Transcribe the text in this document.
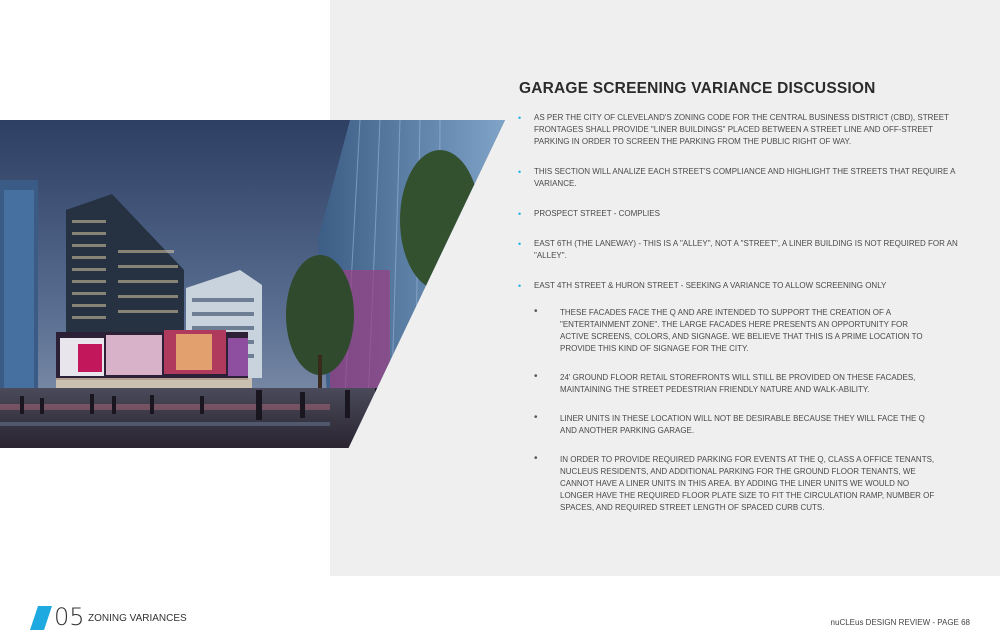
GARAGE SCREENING VARIANCE DISCUSSION
• AS PER THE CITY OF CLEVELAND'S ZONING CODE FOR THE CENTRAL BUSINESS DISTRICT (CBD), STREET FRONTAGES SHALL PROVIDE "LINER BUILDINGS" PLACED BETWEEN A STREET LINE AND OFF-STREET PARKING IN ORDER TO SCREEN THE PARKING FROM THE PUBLIC RIGHT OF WAY.
• THIS SECTION WILL ANALIZE EACH STREET'S COMPLIANCE AND HIGHLIGHT THE STREETS THAT REQUIRE A VARIANCE.
• PROSPECT STREET - COMPLIES
• EAST 6TH (THE LANEWAY) - THIS IS A "ALLEY", NOT A "STREET", A LINER BUILDING IS NOT REQUIRED FOR AN "ALLEY".
• EAST 4TH STREET & HURON STREET - SEEKING A VARIANCE TO ALLOW SCREENING ONLY
•	THESE FACADES FACE THE Q AND ARE INTENDED TO SUPPORT THE CREATION OF A "ENTERTAINMENT ZONE". THE LARGE FACADES HERE PRESENTS AN OPPORTUNITY FOR ACTIVE SCREENS, COLORS, AND SIGNAGE. WE BELIEVE THAT THIS IS A PRIME LOCATION TO PROVIDE THIS KIND OF SIGNAGE FOR THE CITY.
•	24' GROUND FLOOR RETAIL STOREFRONTS WILL STILL BE PROVIDED ON THESE FACADES, MAINTAINING THE STREET PEDESTRIAN FRIENDLY NATURE AND WALK-ABILITY.
•	LINER UNITS IN THESE LOCATION WILL NOT BE DESIRABLE BECAUSE THEY WILL FACE THE Q AND ANOTHER PARKING GARAGE.
•	IN ORDER TO PROVIDE REQUIRED PARKING FOR EVENTS AT THE Q, CLASS A OFFICE TENANTS, NUCLEUS RESIDENTS, AND ADDITIONAL PARKING FOR THE GROUND FLOOR TENANTS, WE CANNOT HAVE A LINER UNITS IN THIS AREA. BY ADDING THE LINER UNITS WE WOULD NO LONGER HAVE THE REQUIRED FLOOR PLATE SIZE TO FIT THE CIRCULATION RAMP, NUMBER OF SPACES, AND REQUIRED STREET LENGTH OF SPACED CURB CUTS.
05 ZONING VARIANCES	nuCLEus DESIGN REVIEW - PAGE 68
